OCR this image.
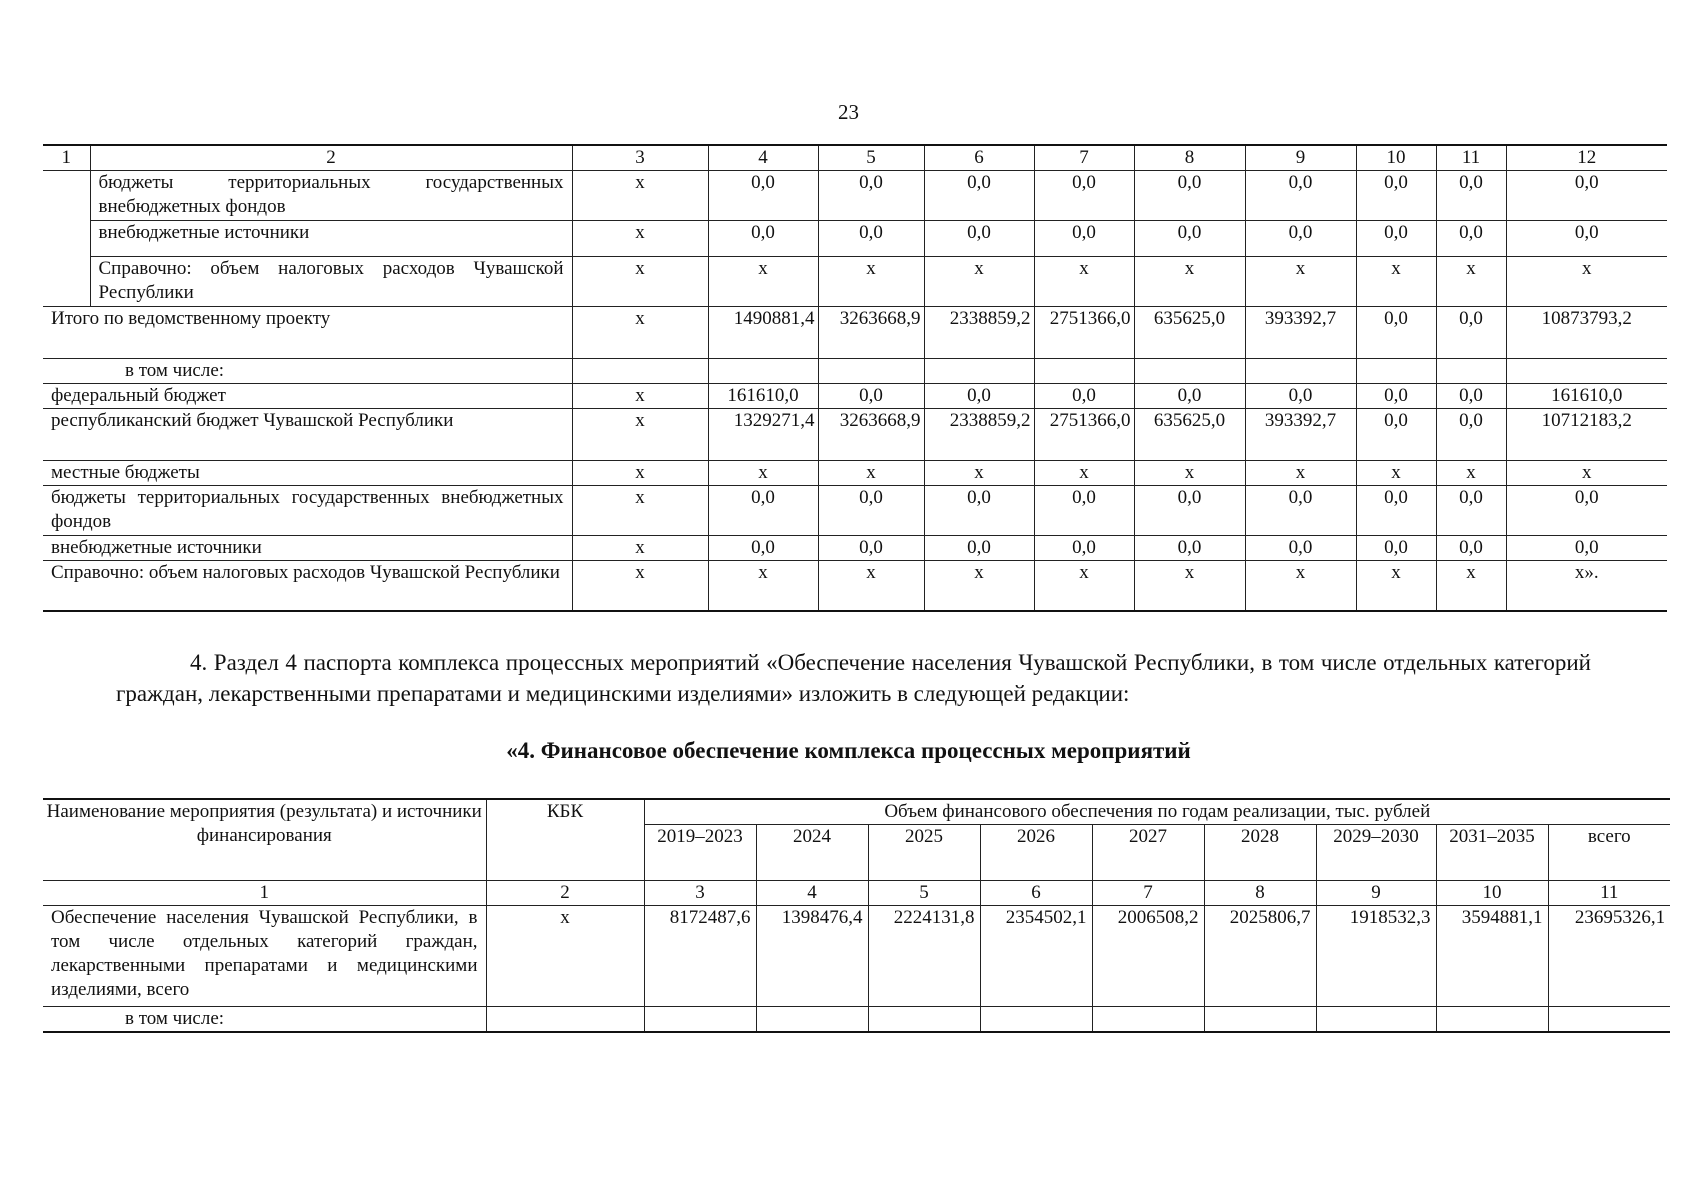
23
1	2	3	4	5	6	7	8	9	10	11	12
	бюджеты территориальных государственных внебюджетных фондов	х	0,0	0,0	0,0	0,0	0,0	0,0	0,0	0,0	0,0
	внебюджетные источники	х	0,0	0,0	0,0	0,0	0,0	0,0	0,0	0,0	0,0
	Справочно: объем налоговых расходов Чувашской Республики	х	х	х	х	х	х	х	х	х	х
Итого по ведомственному проекту		х	1490881,4	3263668,9	2338859,2	2751366,0	635625,0	393392,7	0,0	0,0	10873793,2
в том числе:											
федеральный бюджет		х	161610,0	0,0	0,0	0,0	0,0	0,0	0,0	0,0	161610,0
республиканский бюджет Чувашской Республики		х	1329271,4	3263668,9	2338859,2	2751366,0	635625,0	393392,7	0,0	0,0	10712183,2
местные бюджеты		х	х	х	х	х	х	х	х	х	х
бюджеты территориальных государственных внебюджетных фондов		х	0,0	0,0	0,0	0,0	0,0	0,0	0,0	0,0	0,0
внебюджетные источники		х	0,0	0,0	0,0	0,0	0,0	0,0	0,0	0,0	0,0
Справочно: объем налоговых расходов Чувашской Республики		х	х	х	х	х	х	х	х	х	х».
4. Раздел 4 паспорта комплекса процессных мероприятий «Обеспечение населения Чувашской Республики, в том числе отдельных категорий граждан, лекарственными препаратами и медицинскими изделиями» изложить в следующей редакции:
«4. Финансовое обеспечение комплекса процессных мероприятий
Наименование мероприятия (результата) и источники финансирования	КБК	Объем финансового обеспечения по годам реализации, тыс. рублей								
		2019–2023	2024	2025	2026	2027	2028	2029–2030	2031–2035	всего
1	2	3	4	5	6	7	8	9	10	11
Обеспечение населения Чувашской Республики, в том числе отдельных категорий граждан, лекарственными препаратами и медицинскими изделиями, всего	х	8172487,6	1398476,4	2224131,8	2354502,1	2006508,2	2025806,7	1918532,3	3594881,1	23695326,1
в том числе:										
